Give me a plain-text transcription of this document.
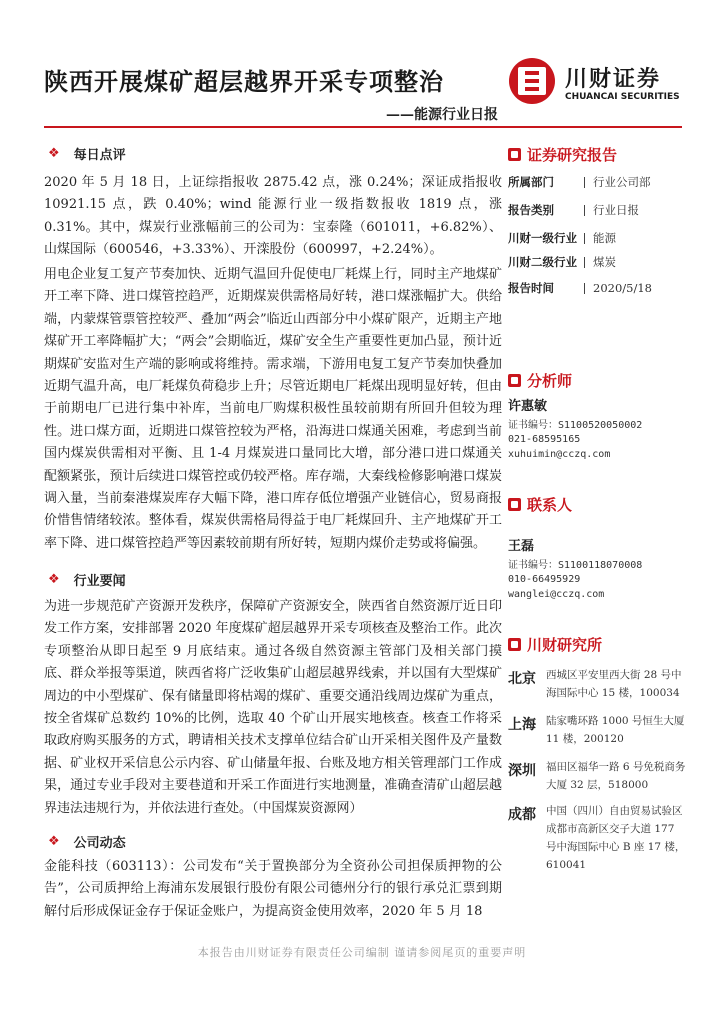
陕西开展煤矿超层越界开采专项整治
——能源行业日报
川财证券
CHUANCAI SECURITIES
❖ 每日点评
2020 年 5 月 18 日，上证综指报收 2875.42 点，涨 0.24%；深证成指报收 10921.15 点，跌 0.40%；wind 能源行业一级指数报收 1819 点，涨 0.31%。其中，煤炭行业涨幅前三的公司为：宝泰隆（601011，+6.82%）、山煤国际（600546，+3.33%）、开滦股份（600997，+2.24%）。
用电企业复工复产节奏加快、近期气温回升促使电厂耗煤上行，同时主产地煤矿开工率下降、进口煤管控趋严，近期煤炭供需格局好转，港口煤涨幅扩大。供给端，内蒙煤管票管控较严、叠加“两会”临近山西部分中小煤矿限产，近期主产地煤矿开工率降幅扩大；“两会”会期临近，煤矿安全生产重要性更加凸显，预计近期煤矿安监对生产端的影响或将维持。需求端，下游用电复工复产节奏加快叠加近期气温升高，电厂耗煤负荷稳步上升；尽管近期电厂耗煤出现明显好转，但由于前期电厂已进行集中补库，当前电厂购煤积极性虽较前期有所回升但较为理性。进口煤方面，近期进口煤管控较为严格，沿海进口煤通关困难，考虑到当前国内煤炭供需相对平衡、且 1-4 月煤炭进口量同比大增，部分港口进口煤通关配额紧张，预计后续进口煤管控或仍较严格。库存端，大秦线检修影响港口煤炭调入量，当前秦港煤炭库存大幅下降，港口库存低位增强产业链信心，贸易商报价惜售情绪较浓。整体看，煤炭供需格局得益于电厂耗煤回升、主产地煤矿开工率下降、进口煤管控趋严等因素较前期有所好转，短期内煤价走势或将偏强。
❖ 行业要闻
为进一步规范矿产资源开发秩序，保障矿产资源安全，陕西省自然资源厅近日印发工作方案，安排部署 2020 年度煤矿超层越界开采专项核查及整治工作。此次专项整治从即日起至 9 月底结束。通过各级自然资源主管部门及相关部门摸底、群众举报等渠道，陕西省将广泛收集矿山超层越界线索，并以国有大型煤矿周边的中小型煤矿、保有储量即将枯竭的煤矿、重要交通沿线周边煤矿为重点，按全省煤矿总数约 10%的比例，选取 40 个矿山开展实地核查。核查工作将采取政府购买服务的方式，聘请相关技术支撑单位结合矿山开采相关图件及产量数据、矿业权开采信息公示内容、矿山储量年报、台账及地方相关管理部门工作成果，通过专业手段对主要巷道和开采工作面进行实地测量，准确查清矿山超层越界违法违规行为，并依法进行查处。（中国煤炭资源网）
❖ 公司动态
金能科技（603113）：公司发布“关于置换部分为全资孙公司担保质押物的公告”，公司质押给上海浦东发展银行股份有限公司德州分行的银行承兑汇票到期解付后形成保证金存于保证金账户，为提高资金使用效率，2020 年 5 月 18
证券研究报告
所属部门	行业公司部
报告类别	行业日报
川财一级行业	能源
川财二级行业	煤炭
报告时间	2020/5/18
分析师
许惠敏
证书编号：S1100520050002
021-68595165
xuhuimin@cczq.com
联系人
王磊
证书编号：S1100118070008
010-66495929
wanglei@cczq.com
川财研究所
北京 西城区平安里西大街 28 号中海国际中心 15 楼，100034
上海 陆家嘴环路 1000 号恒生大厦 11 楼，200120
深圳 福田区福华一路 6 号免税商务大厦 32 层，518000
成都 中国（四川）自由贸易试验区成都市高新区交子大道 177 号中海国际中心 B 座 17 楼，610041
本报告由川财证券有限责任公司编制 谨请参阅尾页的重要声明
